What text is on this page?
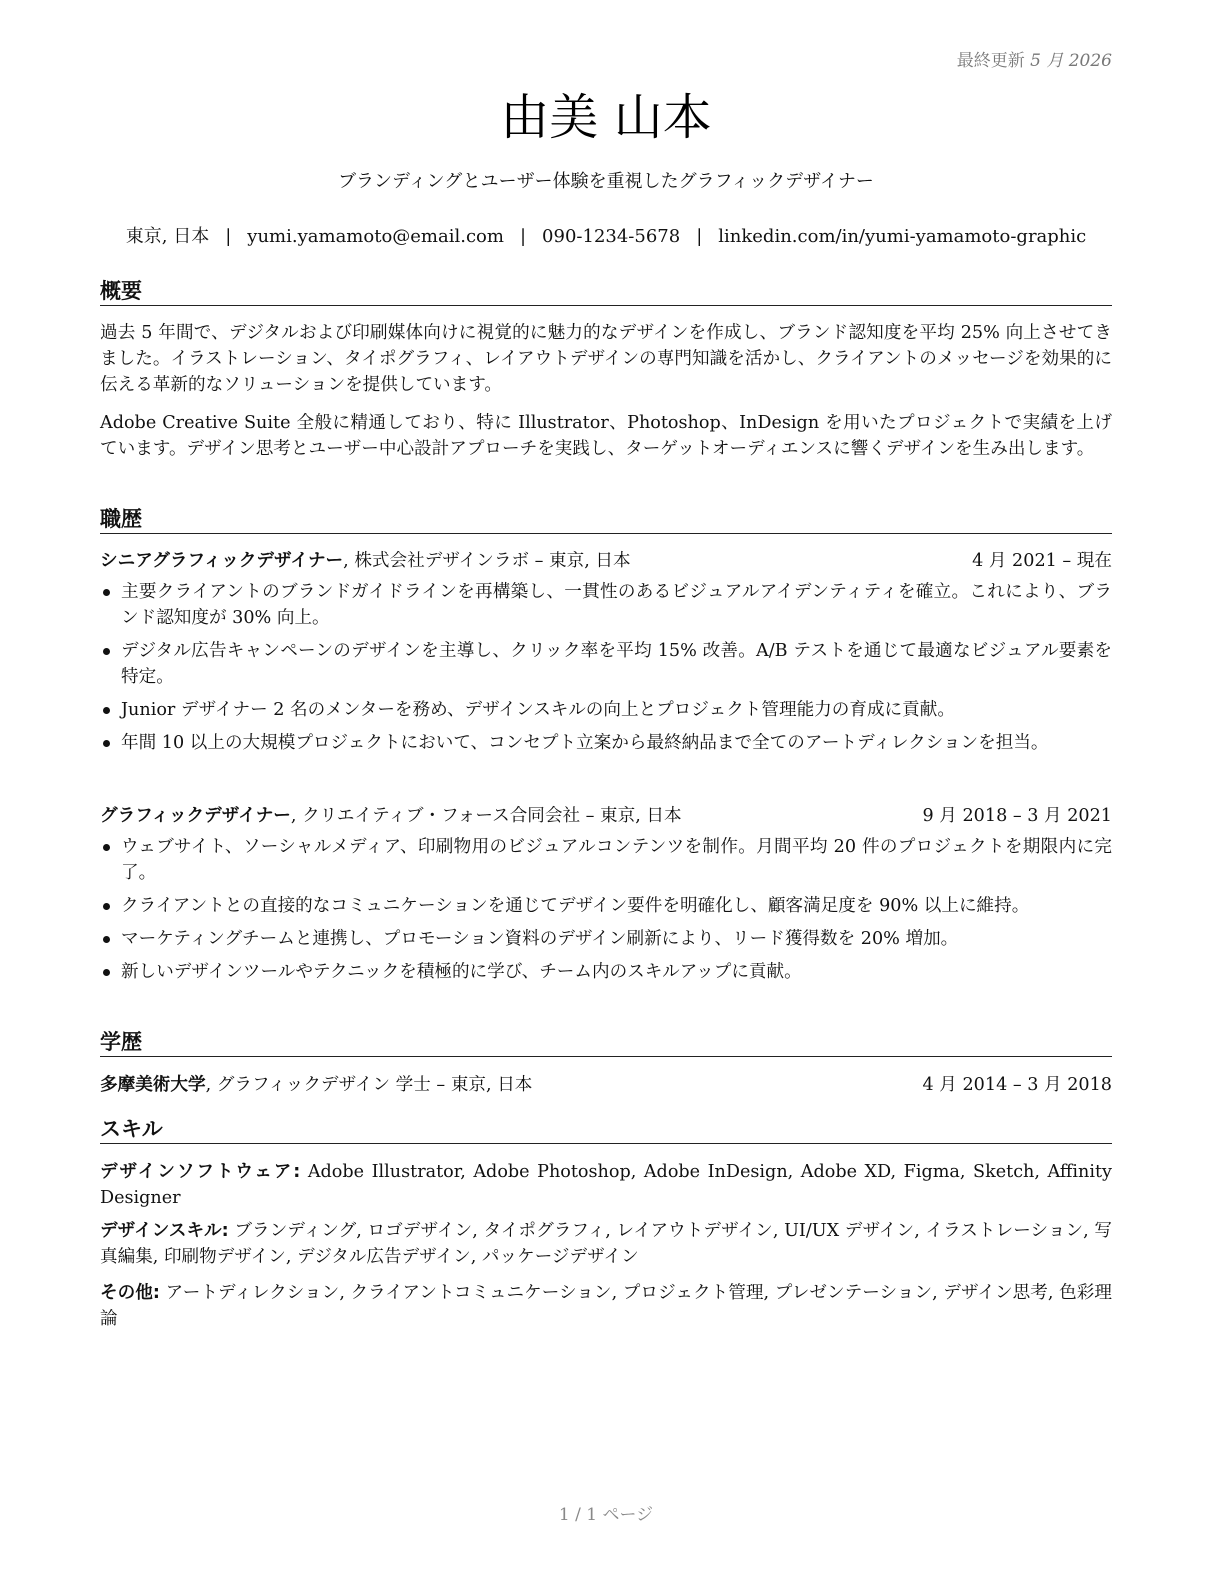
最終更新 5 月 2026
由美 山本
ブランディングとユーザー体験を重視したグラフィックデザイナー
東京, 日本 | yumi.yamamoto@email.com | 090-1234-5678 | linkedin.com/in/yumi-yamamoto-graphic
概要

過去 5 年間で、デジタルおよび印刷媒体向けに視覚的に魅力的なデザインを作成し、ブランド認知度を平均 25% 向上させてきました。イラストレーション、タイポグラフィ、レイアウトデザインの専門知識を活かし、クライアントのメッセージを効果的に伝える革新的なソリューションを提供しています。

Adobe Creative Suite 全般に精通しており、特に Illustrator、Photoshop、InDesign を用いたプロジェクトで実績を上げています。デザイン思考とユーザー中心設計アプローチを実践し、ターゲットオーディエンスに響くデザインを生み出します。

職歴
シニアグラフィックデザイナー, 株式会社デザインラボ – 東京, 日本	4 月 2021 – 現在
主要クライアントのブランドガイドラインを再構築し、一貫性のあるビジュアルアイデンティティを確立。これにより、ブランド認知度が 30% 向上。
デジタル広告キャンペーンのデザインを主導し、クリック率を平均 15% 改善。A/B テストを通じて最適なビジュアル要素を特定。
Junior デザイナー 2 名のメンターを務め、デザインスキルの向上とプロジェクト管理能力の育成に貢献。
年間 10 以上の大規模プロジェクトにおいて、コンセプト立案から最終納品まで全てのアートディレクションを担当。
グラフィックデザイナー, クリエイティブ・フォース合同会社 – 東京, 日本	9 月 2018 – 3 月 2021
ウェブサイト、ソーシャルメディア、印刷物用のビジュアルコンテンツを制作。月間平均 20 件のプロジェクトを期限内に完了。
クライアントとの直接的なコミュニケーションを通じてデザイン要件を明確化し、顧客満足度を 90% 以上に維持。
マーケティングチームと連携し、プロモーション資料のデザイン刷新により、リード獲得数を 20% 増加。
新しいデザインツールやテクニックを積極的に学び、チーム内のスキルアップに貢献。
学歴
多摩美術大学, グラフィックデザイン 学士 – 東京, 日本	4 月 2014 – 3 月 2018
スキル

デザインソフトウェア: Adobe Illustrator, Adobe Photoshop, Adobe InDesign, Adobe XD, Figma, Sketch, Affinity Designer

デザインスキル: ブランディング, ロゴデザイン, タイポグラフィ, レイアウトデザイン, UI/UX デザイン, イラストレーション, 写真編集, 印刷物デザイン, デジタル広告デザイン, パッケージデザイン

その他: アートディレクション, クライアントコミュニケーション, プロジェクト管理, プレゼンテーション, デザイン思考, 色彩理論

1 / 1 ページ
